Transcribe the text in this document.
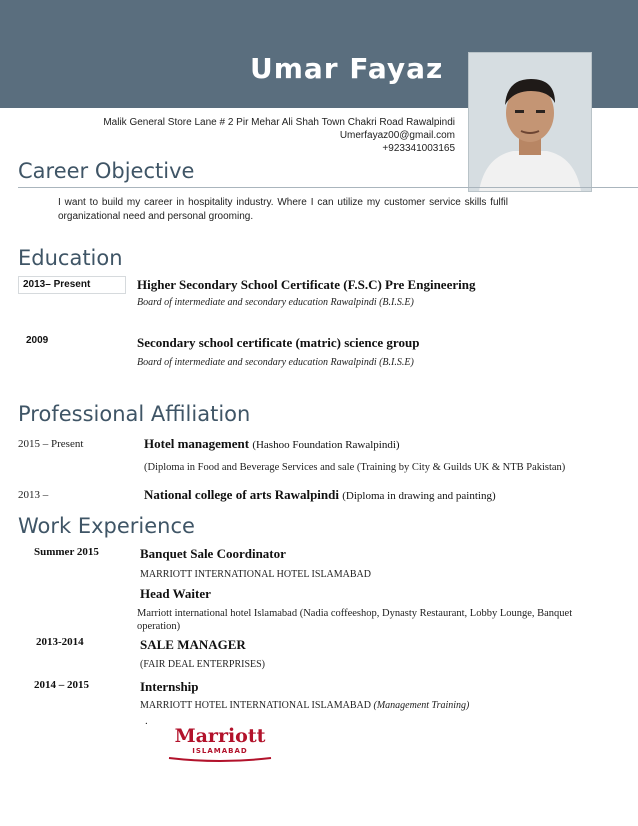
Umar Fayaz
Malik General Store Lane # 2 Pir Mehar Ali Shah Town Chakri Road Rawalpindi
Umerfayaz00@gmail.com
+923341003165
Career Objective
I want to build my career in hospitality industry. Where I can utilize my customer service skills fulfil organizational need and personal grooming.
Education
2013– Present	Higher Secondary School Certificate (F.S.C) Pre Engineering
Board of intermediate and secondary education Rawalpindi (B.I.S.E)
2009	Secondary school certificate (matric) science group
Board of intermediate and secondary education Rawalpindi (B.I.S.E)
Professional Affiliation
2015 – Present	Hotel management (Hashoo Foundation Rawalpindi)
(Diploma in Food and Beverage Services and sale (Training by City & Guilds UK & NTB Pakistan)
2013 –	National college of arts Rawalpindi (Diploma in drawing and painting)
Work Experience
Summer 2015	Banquet Sale Coordinator
MARRIOTT INTERNATIONAL HOTEL ISLAMABAD
Head Waiter
Marriott international hotel Islamabad (Nadia coffeeshop, Dynasty Restaurant, Lobby Lounge, Banquet operation)
2013-2014	SALE MANAGER
(FAIR DEAL ENTERPRISES)
2014 – 2015	Internship
MARRIOTT HOTEL INTERNATIONAL ISLAMABAD (Management Training)
.
Marriott
ISLAMABAD
